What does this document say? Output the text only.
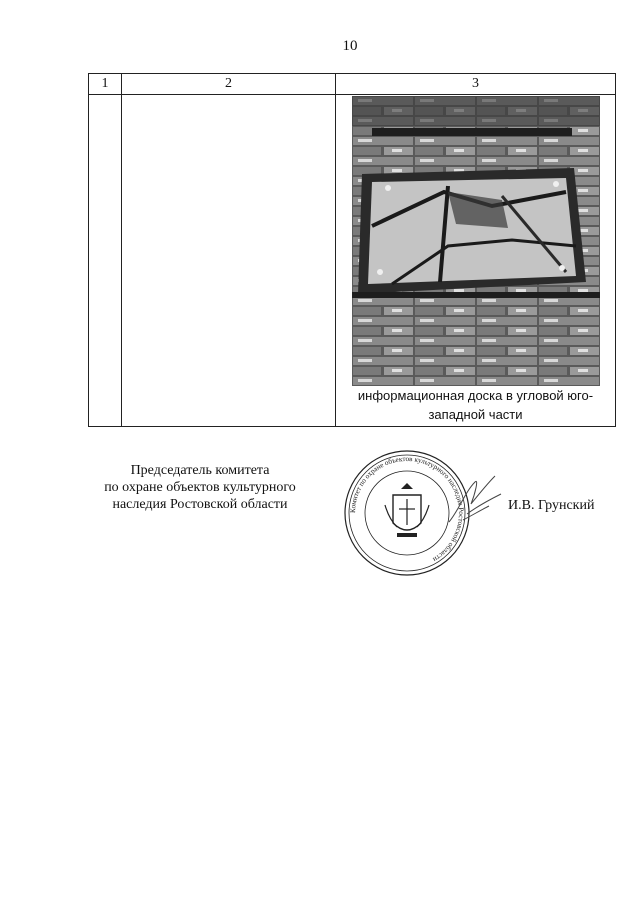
10
1	2	3

		информационная доска в угловой юго-западной части
Председатель комитета
по охране объектов культурного
наследия Ростовской области	Комитет по охране объектов культурного наследия Ростовской области
И.В. Грунский
